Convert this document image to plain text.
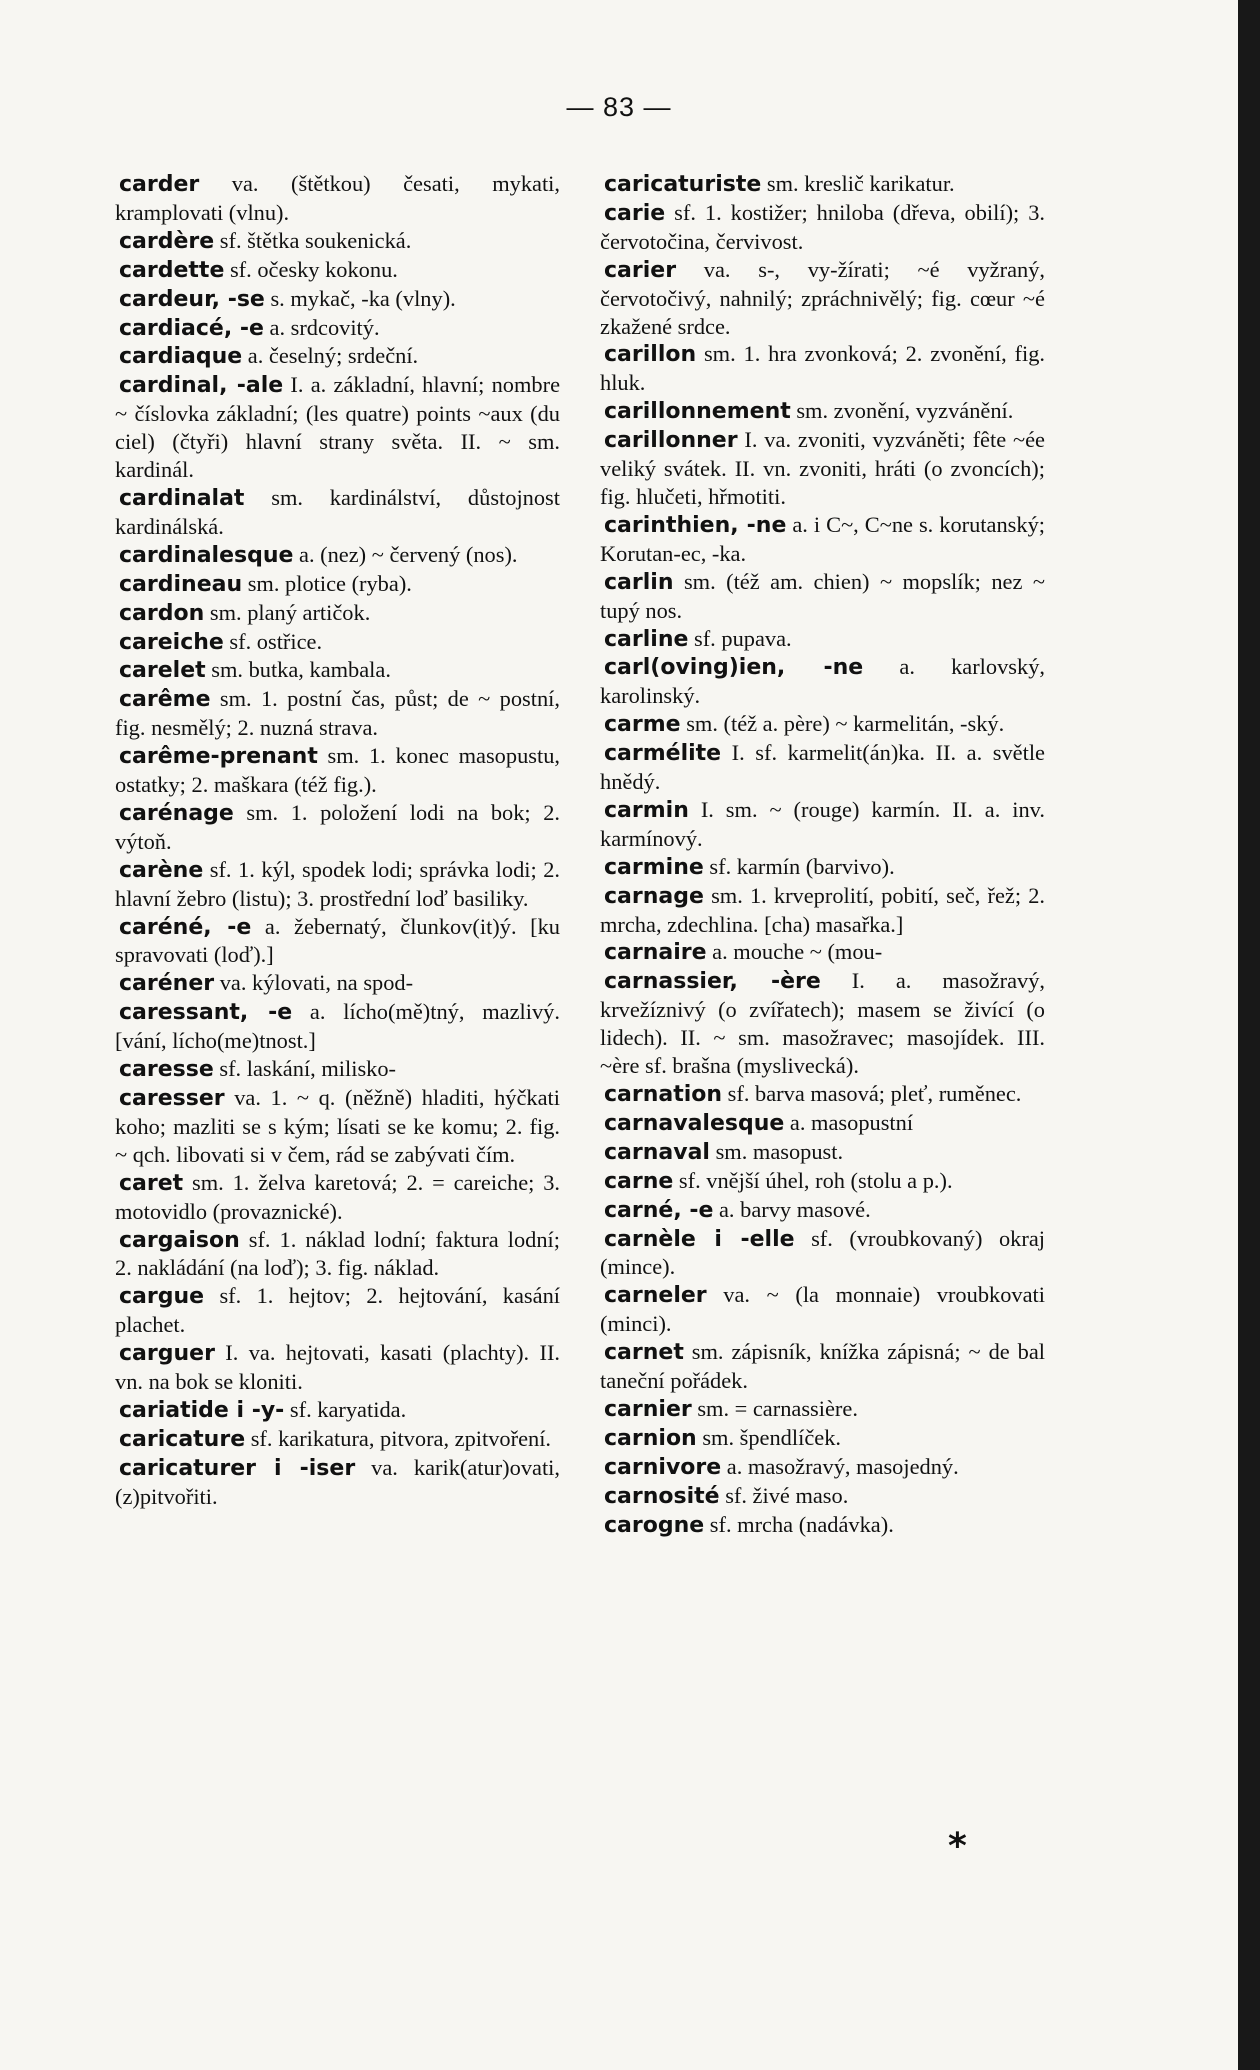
— 83 —

carder va. (štětkou) česati, mykati, kramplovati (vlnu).

cardère sf. štětka soukenická.

cardette sf. očesky kokonu.

cardeur, -se s. mykač, -ka (vlny).

cardiacé, -e a. srdcovitý.

cardiaque a. česelný; srdeční.

cardinal, -ale I. a. základní, hlavní; nombre ~ číslovka základní; (les quatre) points ~aux (du ciel) (čtyři) hlavní strany světa. II. ~ sm. kardinál.

cardinalat sm. kardinálství, důstojnost kardinálská.

cardinalesque a. (nez) ~ červený (nos).

cardineau sm. plotice (ryba).

cardon sm. planý artičok.

careiche sf. ostřice.

carelet sm. butka, kambala.

carême sm. 1. postní čas, půst; de ~ postní, fig. nesmělý; 2. nuzná strava.

carême-prenant sm. 1. konec masopustu, ostatky; 2. maškara (též fig.).

carénage sm. 1. položení lodi na bok; 2. výtoň.

carène sf. 1. kýl, spodek lodi; správka lodi; 2. hlavní žebro (listu); 3. prostřední loď basiliky.

caréné, -e a. žebernatý, člunkov(it)ý. [ku spravovati (loď).]

caréner va. kýlovati, na spod-

caressant, -e a. lícho(mě)tný, mazlivý. [vání, lícho(me)tnost.]

caresse sf. laskání, milisko-

caresser va. 1. ~ q. (něžně) hladiti, hýčkati koho; mazliti se s kým; lísati se ke komu; 2. fig. ~ qch. libovati si v čem, rád se zabývati čím.

caret sm. 1. želva karetová; 2. = careiche; 3. motovidlo (provaznické).

cargaison sf. 1. náklad lodní; faktura lodní; 2. nakládání (na loď); 3. fig. náklad.

cargue sf. 1. hejtov; 2. hejtování, kasání plachet.

carguer I. va. hejtovati, kasati (plachty). II. vn. na bok se kloniti.

cariatide i -y- sf. karyatida.

caricature sf. karikatura, pitvora, zpitvoření.

caricaturer i -iser va. karik(atur)ovati, (z)pitvořiti.

caricaturiste sm. kreslič karikatur.

carie sf. 1. kostižer; hniloba (dřeva, obilí); 3. červotočina, červivost.

carier va. s-, vy-žírati; ~é vyžraný, červotočivý, nahnilý; zpráchnivělý; fig. cœur ~é zkažené srdce.

carillon sm. 1. hra zvonková; 2. zvonění, fig. hluk.

carillonnement sm. zvonění, vyzvánění.

carillonner I. va. zvoniti, vyzváněti; fête ~ée veliký svátek. II. vn. zvoniti, hráti (o zvoncích); fig. hlučeti, hřmotiti.

carinthien, -ne a. i C~, C~ne s. korutanský; Korutan-ec, -ka.

carlin sm. (též am. chien) ~ mopslík; nez ~ tupý nos.

carline sf. pupava.

carl(oving)ien, -ne a. karlovský, karolinský.

carme sm. (též a. père) ~ karmelitán, -ský.

carmélite I. sf. karmelit(án)ka. II. a. světle hnědý.

carmin I. sm. ~ (rouge) karmín. II. a. inv. karmínový.

carmine sf. karmín (barvivo).

carnage sm. 1. krveprolití, pobití, seč, řež; 2. mrcha, zdechlina. [cha) masařka.]

carnaire a. mouche ~ (mou-

carnassier, -ère I. a. masožravý, krvežíznivý (o zvířatech); masem se živící (o lidech). II. ~ sm. masožravec; masojídek. III. ~ère sf. brašna (myslivecká).

carnation sf. barva masová; pleť, ruměnec.

carnavalesque a. masopustní

carnaval sm. masopust.

carne sf. vnější úhel, roh (stolu a p.).

carné, -e a. barvy masové.

carnèle i -elle sf. (vroubkovaný) okraj (mince).

carneler va. ~ (la monnaie) vroubkovati (minci).

carnet sm. zápisník, knížka zápisná; ~ de bal taneční pořádek.

carnier sm. = carnassière.

carnion sm. špendlíček.

carnivore a. masožravý, masojedný.

carnosité sf. živé maso.

carogne sf. mrcha (nadávka).

*
